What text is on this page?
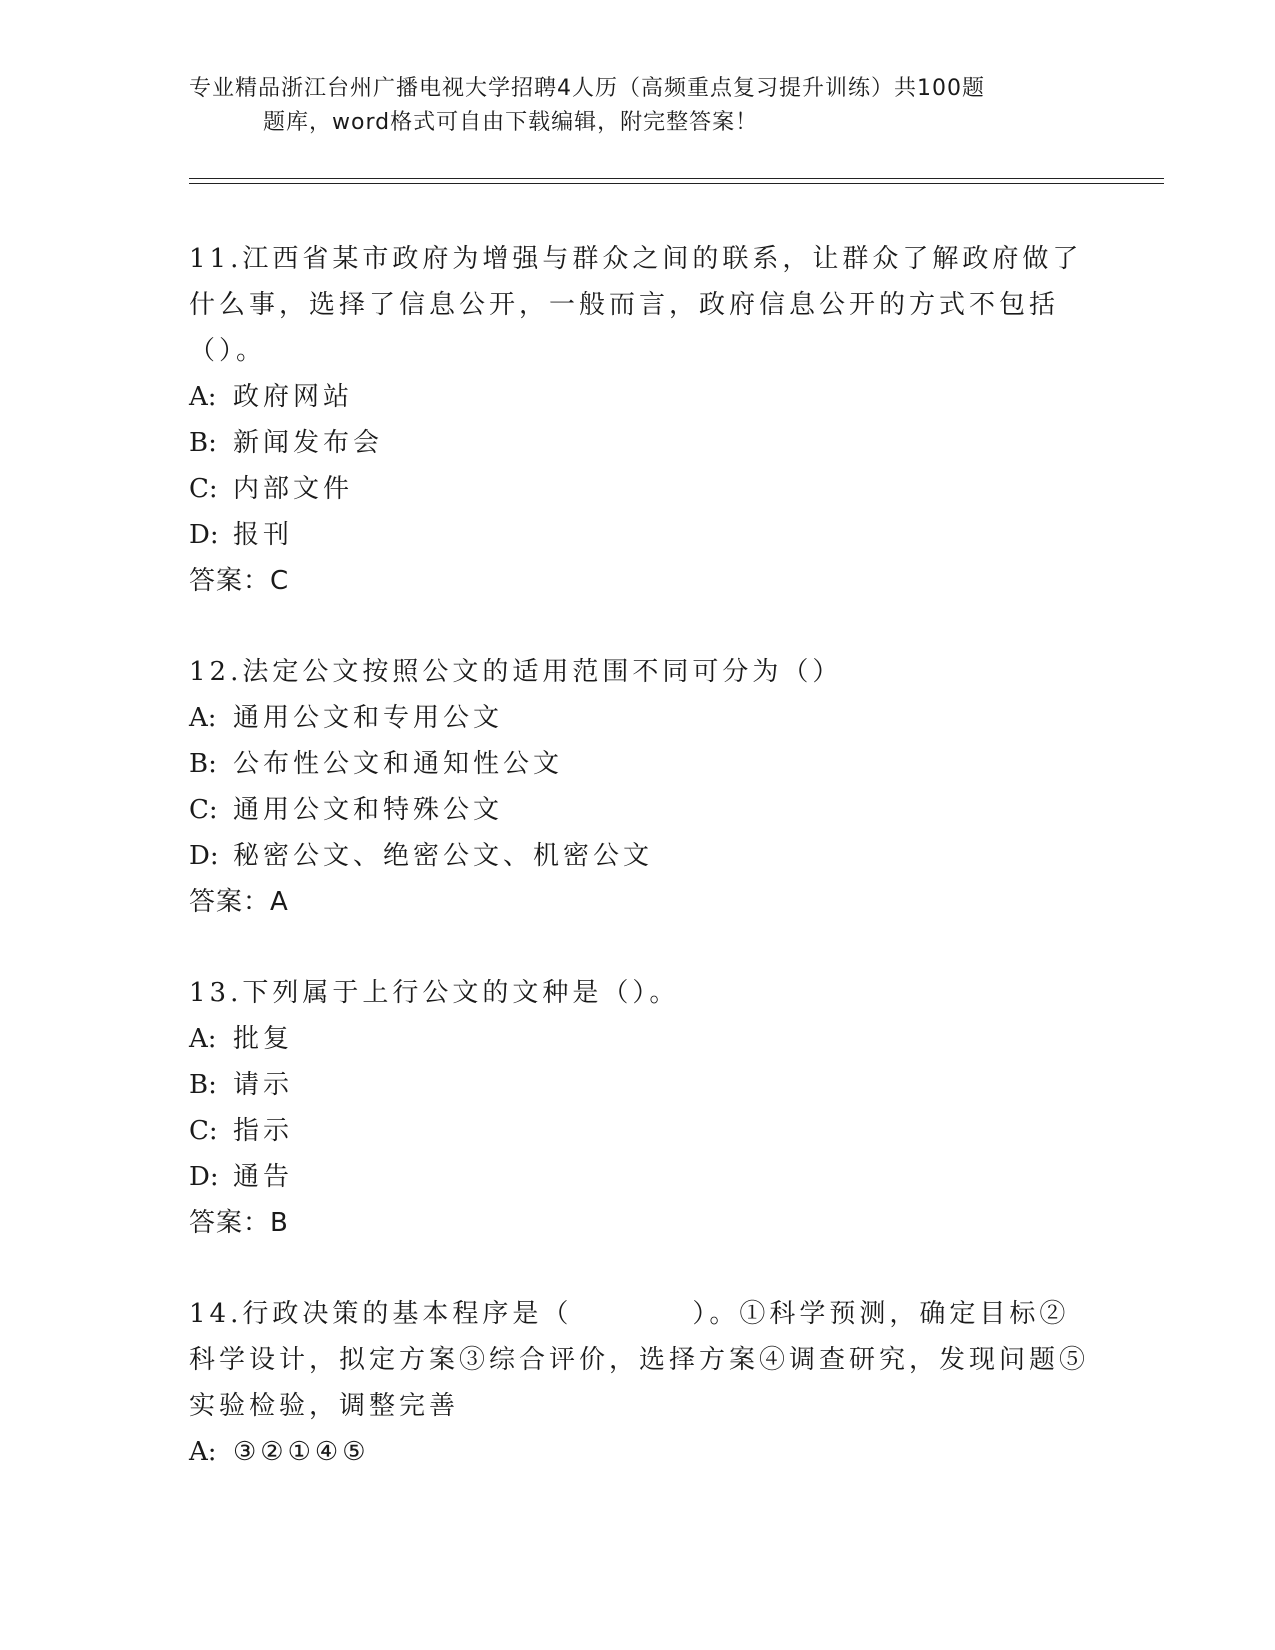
专业精品浙江台州广播电视大学招聘4人历（高频重点复习提升训练）共100题
题库，word格式可自由下载编辑，附完整答案！

11.江西省某市政府为增强与群众之间的联系，让群众了解政府做了什么事，选择了信息公开，一般而言，政府信息公开的方式不包括（）。

A: 政府网站

B: 新闻发布会

C: 内部文件

D: 报刊

答案：C

12.法定公文按照公文的适用范围不同可分为（）

A: 通用公文和专用公文

B: 公布性公文和通知性公文

C: 通用公文和特殊公文

D: 秘密公文、绝密公文、机密公文

答案：A

13.下列属于上行公文的文种是（）。

A: 批复

B: 请示

C: 指示

D: 通告

答案：B

14.行政决策的基本程序是（　　　　）。①科学预测，确定目标②科学设计，拟定方案③综合评价，选择方案④调查研究，发现问题⑤实验检验，调整完善

A: ③②①④⑤
